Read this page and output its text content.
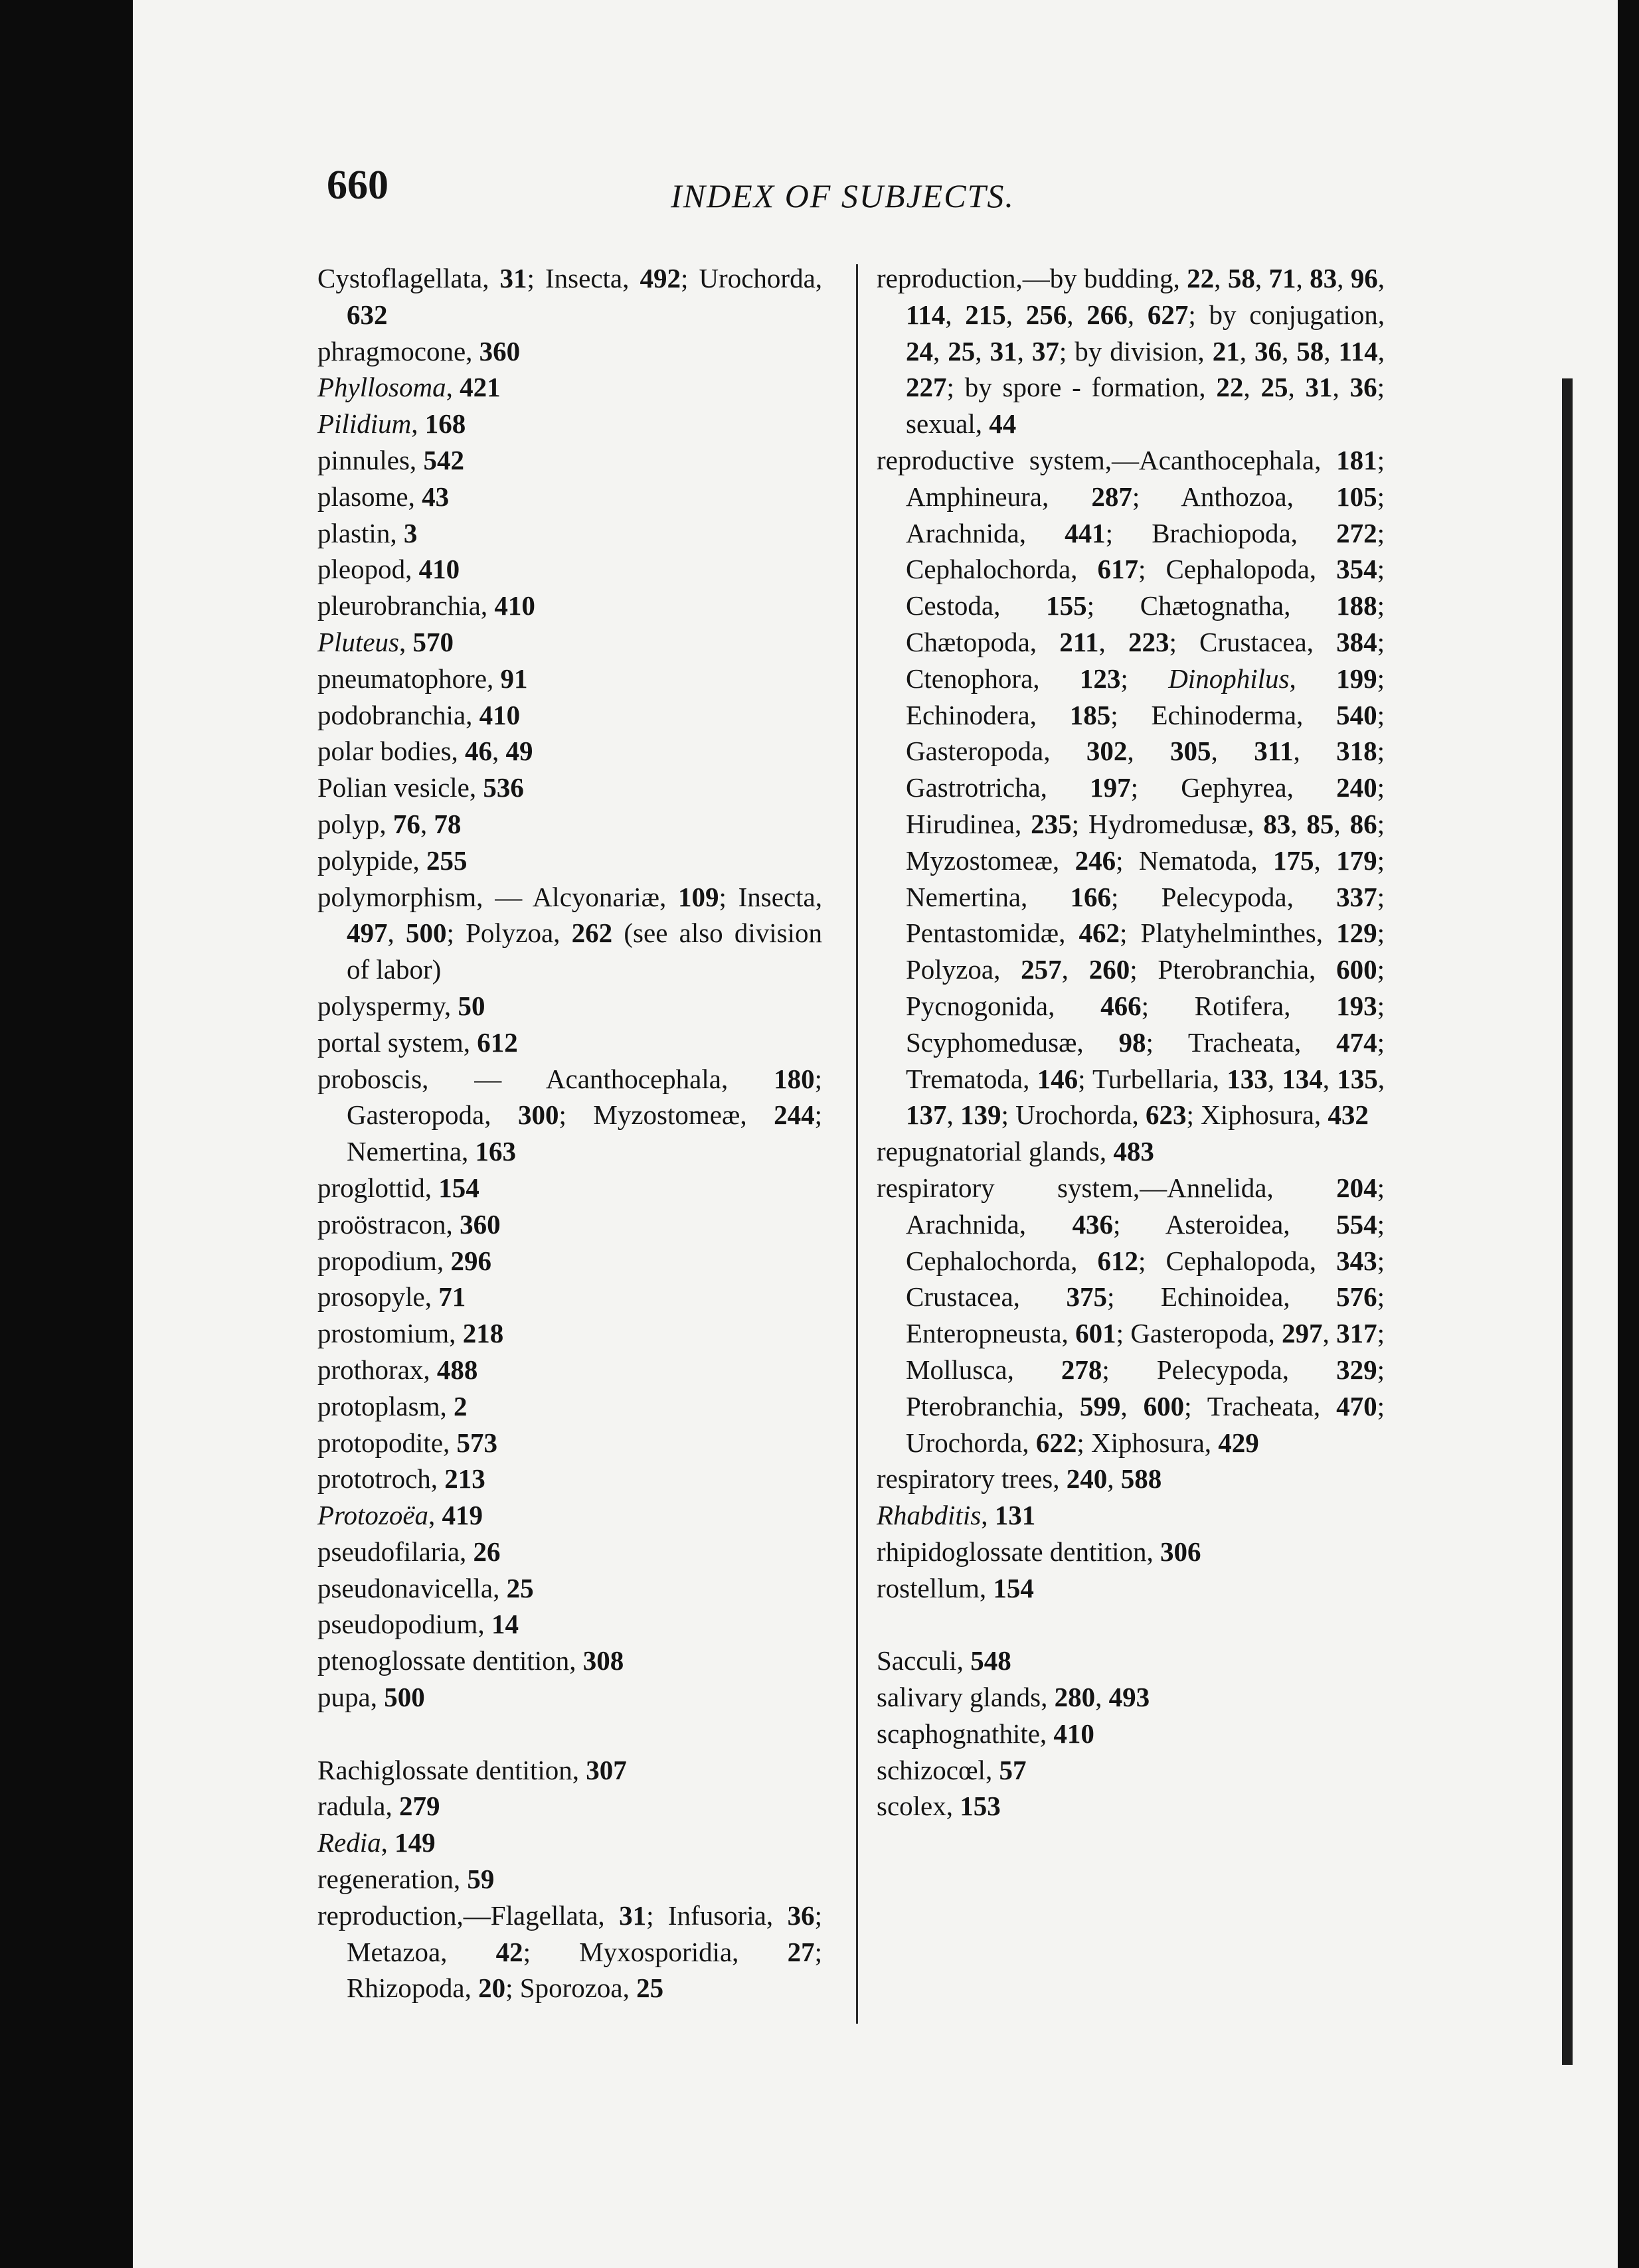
660	INDEX OF SUBJECTS.
Cystoflagellata, 31; Insecta, 492; Urochorda, 632
phragmocone, 360
Phyllosoma, 421
Pilidium, 168
pinnules, 542
plasome, 43
plastin, 3
pleopod, 410
pleurobranchia, 410
Pluteus, 570
pneumatophore, 91
podobranchia, 410
polar bodies, 46, 49
Polian vesicle, 536
polyp, 76, 78
polypide, 255
polymorphism, — Alcyonariæ, 109; Insecta, 497, 500; Polyzoa, 262 (see also division of labor)
polyspermy, 50
portal system, 612
proboscis, — Acanthocephala, 180; Gasteropoda, 300; Myzostomeæ, 244; Nemertina, 163
proglottid, 154
proöstracon, 360
propodium, 296
prosopyle, 71
prostomium, 218
prothorax, 488
protoplasm, 2
protopodite, 573
prototroch, 213
Protozoëa, 419
pseudofilaria, 26
pseudonavicella, 25
pseudopodium, 14
ptenoglossate dentition, 308
pupa, 500
Rachiglossate dentition, 307
radula, 279
Redia, 149
regeneration, 59
reproduction,—Flagellata, 31; Infusoria, 36; Metazoa, 42; Myxosporidia, 27; Rhizopoda, 20; Sporozoa, 25
reproduction,—by budding, 22, 58, 71, 83, 96, 114, 215, 256, 266, 627; by conjugation, 24, 25, 31, 37; by division, 21, 36, 58, 114, 227; by spore - formation, 22, 25, 31, 36; sexual, 44
reproductive system,—Acanthocephala, 181; Amphineura, 287; Anthozoa, 105; Arachnida, 441; Brachiopoda, 272; Cephalochorda, 617; Cephalopoda, 354; Cestoda, 155; Chætognatha, 188; Chætopoda, 211, 223; Crustacea, 384; Ctenophora, 123; Dinophilus, 199; Echinodera, 185; Echinoderma, 540; Gasteropoda, 302, 305, 311, 318; Gastrotricha, 197; Gephyrea, 240; Hirudinea, 235; Hydromedusæ, 83, 85, 86; Myzostomeæ, 246; Nematoda, 175, 179; Nemertina, 166; Pelecypoda, 337; Pentastomidæ, 462; Platyhelminthes, 129; Polyzoa, 257, 260; Pterobranchia, 600; Pycnogonida, 466; Rotifera, 193; Scyphomedusæ, 98; Tracheata, 474; Trematoda, 146; Turbellaria, 133, 134, 135, 137, 139; Urochorda, 623; Xiphosura, 432
repugnatorial glands, 483
respiratory system,—Annelida, 204; Arachnida, 436; Asteroidea, 554; Cephalochorda, 612; Cephalopoda, 343; Crustacea, 375; Echinoidea, 576; Enteropneusta, 601; Gasteropoda, 297, 317; Mollusca, 278; Pelecypoda, 329; Pterobranchia, 599, 600; Tracheata, 470; Urochorda, 622; Xiphosura, 429
respiratory trees, 240, 588
Rhabditis, 131
rhipidoglossate dentition, 306
rostellum, 154
Sacculi, 548
salivary glands, 280, 493
scaphognathite, 410
schizocœl, 57
scolex, 153
